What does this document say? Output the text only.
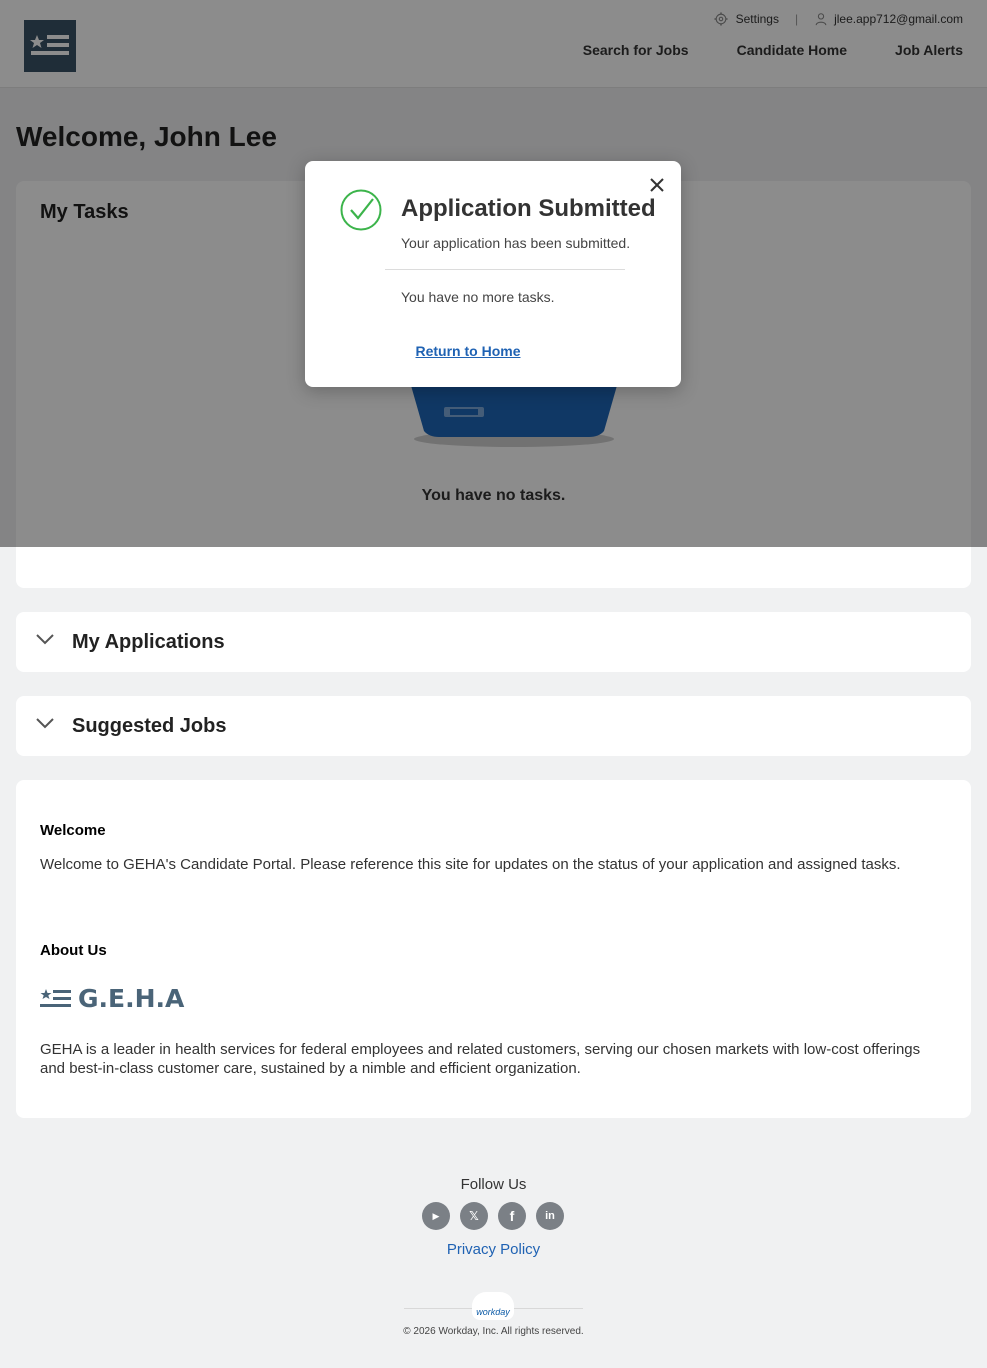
Settings |	jlee.app712@gmail.com
Search for Jobs	Candidate Home	Job Alerts
Welcome, John Lee
My Tasks
You have no tasks.
My Applications
Suggested Jobs
Welcome
Welcome to GEHA's Candidate Portal. Please reference this site for updates on the status of your application and assigned tasks.
About Us
G.E.H.A
GEHA is a leader in health services for federal employees and related customers, serving our chosen markets with low-cost offerings and best-in-class customer care, sustained by a nimble and efficient organization.
Follow Us
▶	𝕏	f	in
Privacy Policy
workday
© 2026 Workday, Inc. All rights reserved.
Application Submitted
Your application has been submitted.
You have no more tasks.
Return to Home
